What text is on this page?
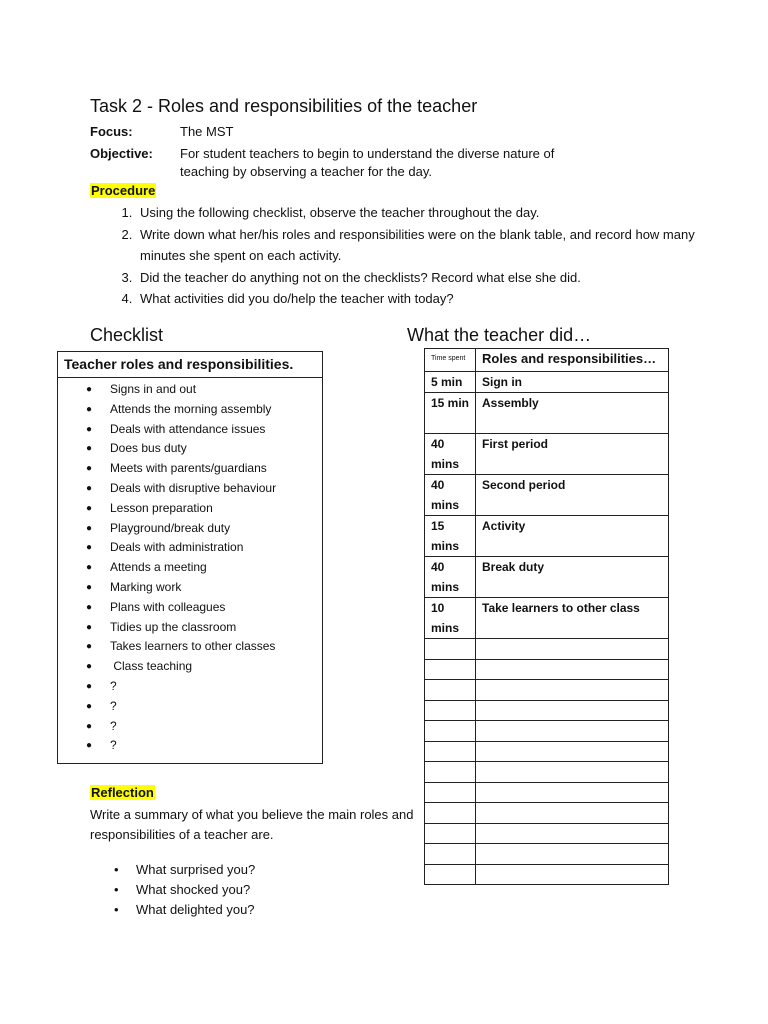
Task 2 - Roles and responsibilities of the teacher
Focus:	The MST
Objective:	For student teachers to begin to understand the diverse nature of
teaching by observing a teacher for the day.
Procedure
1. Using the following checklist, observe the teacher throughout the day.
2. Write down what her/his roles and responsibilities were on the blank table, and record how many minutes she spent on each activity.
3. Did the teacher do anything not on the checklists? Record what else she did.
4. What activities did you do/help the teacher with today?
Checklist	What the teacher did…
Teacher roles and responsibilities.
● Signs in and out
● Attends the morning assembly
● Deals with attendance issues
● Does bus duty
● Meets with parents/guardians
● Deals with disruptive behaviour
● Lesson preparation
● Playground/break duty
● Deals with administration
● Attends a meeting
● Marking work
● Plans with colleagues
● Tidies up the classroom
● Takes learners to other classes
● Class teaching
● ?
● ?
● ?
● ?
Time spent	Roles and responsibilities…
5 min	Sign in
15 min	Assembly
40 mins	First period
40 mins	Second period
15 mins	Activity
40 mins	Break duty
10 mins	Take learners to other class

Reflection
Write a summary of what you believe the main roles and responsibilities of a teacher are.
• What surprised you?
• What shocked you?
• What delighted you?
